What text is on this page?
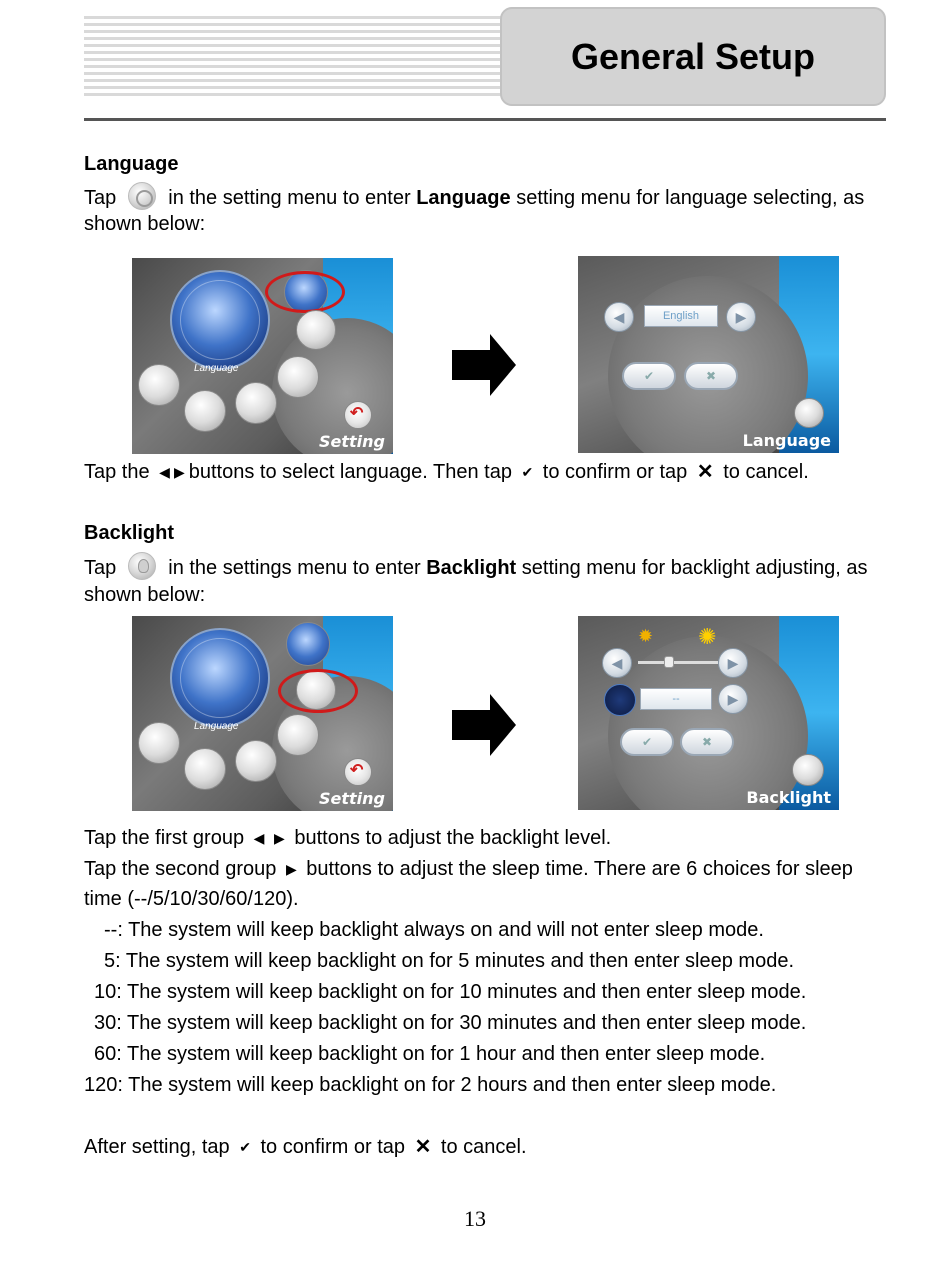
General Setup
Language
Tap	in the setting menu to enter Language setting menu for language selecting, as
shown below:
Language
↶
Setting
◀	English	▶
✔	✖
Language
Tap the ◀ ▶ buttons to select language. Then tap ✔ to confirm or tap ✕ to cancel.
Backlight
Tap	in the settings menu to enter Backlight setting menu for backlight adjusting, as
shown below:
Language
↶
Setting
✹ ✺
◀	▶
--	▶
✔	✖
Backlight
Tap the first group ◀ ▶ buttons to adjust the backlight level.
Tap the second group ▶ buttons to adjust the sleep time. There are 6 choices for sleep
time (--/5/10/30/60/120).
--: The system will keep backlight always on and will not enter sleep mode.
5: The system will keep backlight on for 5 minutes and then enter sleep mode.
10: The system will keep backlight on for 10 minutes and then enter sleep mode.
30: The system will keep backlight on for 30 minutes and then enter sleep mode.
60: The system will keep backlight on for 1 hour and then enter sleep mode.
120: The system will keep backlight on for 2 hours and then enter sleep mode.
After setting, tap ✔ to confirm or tap ✕ to cancel.
13
